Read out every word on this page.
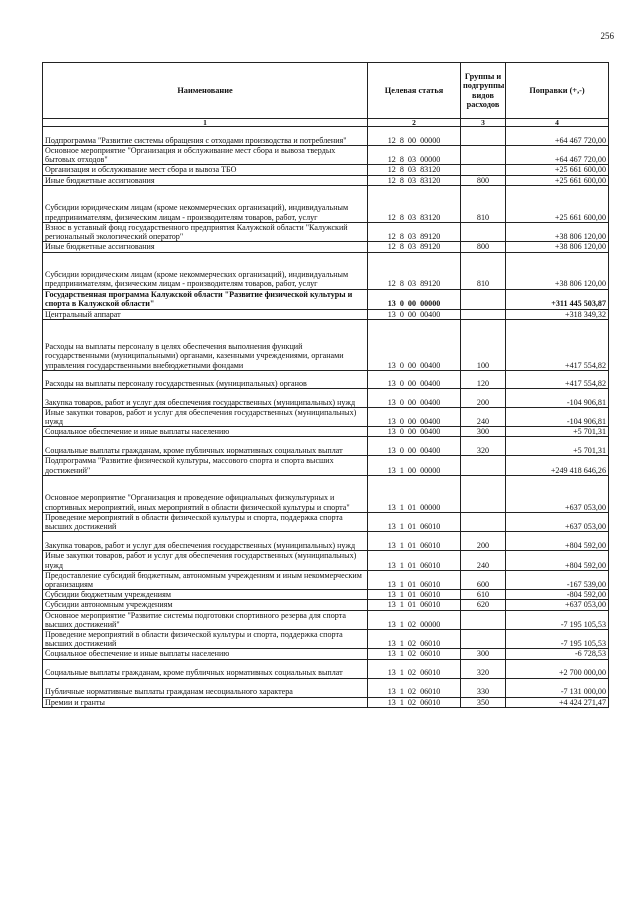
256
Наименование	Целевая статья	Группы и подгруппы видов расходов	Поправки (+,-)
1	2	3	4
Подпрограмма "Развитие системы обращения с отходами производства и потребления"	12  8  00  00000		+64 467 720,00
Основное мероприятие "Организация и обслуживание мест сбора и вывоза твердых бытовых отходов"	12  8  03  00000		+64 467 720,00
Организация и обслуживание мест сбора и вывоза ТБО	12  8  03  83120		+25 661 600,00
Иные бюджетные ассигнования	12  8  03  83120	800	+25 661 600,00
Субсидии юридическим лицам (кроме некоммерческих организаций), индивидуальным предпринимателям, физическим лицам - производителям товаров, работ, услуг	12  8  03  83120	810	+25 661 600,00
Взнос в уставный фонд государственного предприятия Калужской области "Калужский региональный экологический оператор"	12  8  03  89120		+38 806 120,00
Иные бюджетные ассигнования	12  8  03  89120	800	+38 806 120,00
Субсидии юридическим лицам (кроме некоммерческих организаций), индивидуальным предпринимателям, физическим лицам - производителям товаров, работ, услуг	12  8  03  89120	810	+38 806 120,00
Государственная программа Калужской области "Развитие физической культуры и спорта в Калужской области"	13  0  00  00000		+311 445 503,87
Центральный аппарат	13  0  00  00400		+318 349,32
Расходы на выплаты персоналу в целях обеспечения выполнения функций государственными (муниципальными) органами, казенными учреждениями, органами управления государственными внебюджетными фондами	13  0  00  00400	100	+417 554,82
Расходы на выплаты персоналу государственных (муниципальных) органов	13  0  00  00400	120	+417 554,82
Закупка товаров, работ и услуг для обеспечения государственных (муниципальных) нужд	13  0  00  00400	200	-104 906,81
Иные закупки товаров, работ и услуг для обеспечения государственных (муниципальных) нужд	13  0  00  00400	240	-104 906,81
Социальное обеспечение и иные выплаты населению	13  0  00  00400	300	+5 701,31
Социальные выплаты гражданам, кроме публичных нормативных социальных выплат	13  0  00  00400	320	+5 701,31
Подпрограмма "Развитие физической культуры, массового спорта и спорта высших достижений"	13  1  00  00000		+249 418 646,26
Основное мероприятие "Организация и проведение официальных физкультурных и спортивных мероприятий, иных мероприятий в области физической культуры и спорта"	13  1  01  00000		+637 053,00
Проведение мероприятий в области физической культуры и спорта, поддержка спорта высших достижений	13  1  01  06010		+637 053,00
Закупка товаров, работ и услуг для обеспечения государственных (муниципальных) нужд	13  1  01  06010	200	+804 592,00
Иные закупки товаров, работ и услуг для обеспечения государственных (муниципальных) нужд	13  1  01  06010	240	+804 592,00
Предоставление субсидий бюджетным, автономным учреждениям и иным некоммерческим организациям	13  1  01  06010	600	-167 539,00
Субсидии бюджетным учреждениям	13  1  01  06010	610	-804 592,00
Субсидии автономным учреждениям	13  1  01  06010	620	+637 053,00
Основное мероприятие "Развитие системы подготовки спортивного резерва для спорта высших достижений"	13  1  02  00000		-7 195 105,53
Проведение мероприятий в области физической культуры и спорта, поддержка спорта высших достижений	13  1  02  06010		-7 195 105,53
Социальное обеспечение и иные выплаты населению	13  1  02  06010	300	-6 728,53
Социальные выплаты гражданам, кроме публичных нормативных социальных выплат	13  1  02  06010	320	+2 700 000,00
Публичные нормативные выплаты гражданам несоциального характера	13  1  02  06010	330	-7 131 000,00
Премии и гранты	13  1  02  06010	350	+4 424 271,47
